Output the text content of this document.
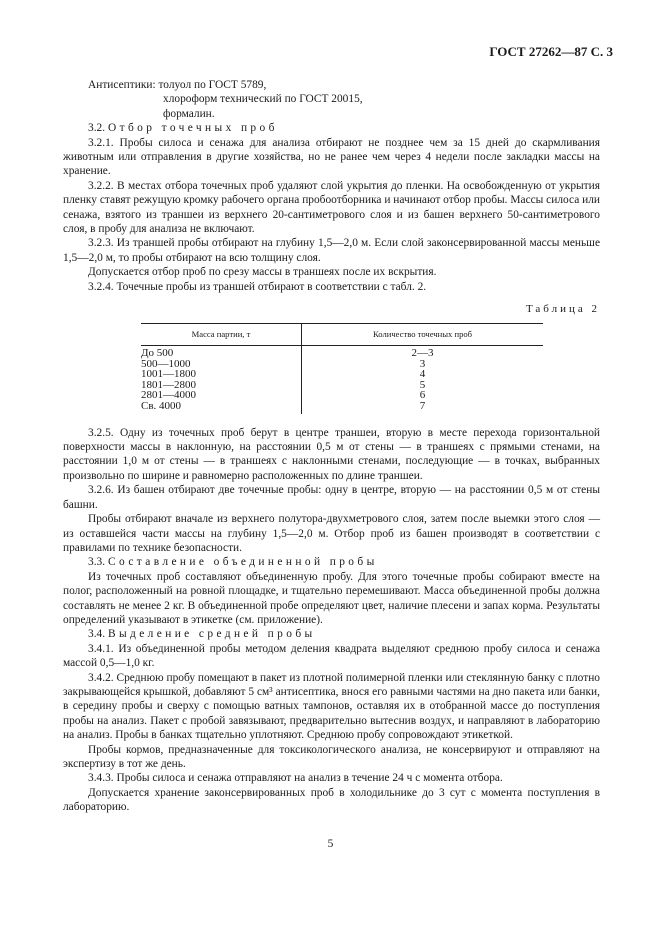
ГОСТ 27262—87 С. 3
Антисептики: толуол по ГОСТ 5789,
хлороформ технический по ГОСТ 20015,
формалин.
3.2. Отбор точечных проб

3.2.1. Пробы силоса и сенажа для анализа отбирают не позднее чем за 15 дней до скармливания животным или отправления в другие хозяйства, но не ранее чем через 4 недели после закладки массы на хранение.

3.2.2. В местах отбора точечных проб удаляют слой укрытия до пленки. На освобожденную от укрытия пленку ставят режущую кромку рабочего органа пробоотборника и начинают отбор пробы. Массы силоса или сенажа, взятого из траншеи из верхнего 20-сантиметрового слоя и из башен верхнего 50-сантиметрового слоя, в пробу для анализа не включают.

3.2.3. Из траншей пробы отбирают на глубину 1,5—2,0 м. Если слой законсервированной массы меньше 1,5—2,0 м, то пробы отбирают на всю толщину слоя.

Допускается отбор проб по срезу массы в траншеях после их вскрытия.

3.2.4. Точечные пробы из траншей отбирают в соответствии с табл. 2.

Таблица 2
Масса партии, т	Количество точечных проб
До 500	2—3
500—1000	3
1001—1800	4
1801—2800	5
2801—4000	6
Св. 4000	7

3.2.5. Одну из точечных проб берут в центре траншеи, вторую в месте перехода горизонтальной поверхности массы в наклонную, на расстоянии 0,5 м от стены — в траншеях с прямыми стенами, на расстоянии 1,0 м от стены — в траншеях с наклонными стенами, последующие — в точках, выбранных произвольно по ширине и равномерно расположенных по длине траншеи.

3.2.6. Из башен отбирают две точечные пробы: одну в центре, вторую — на расстоянии 0,5 м от стены башни.

Пробы отбирают вначале из верхнего полутора-двухметрового слоя, затем после выемки этого слоя — из оставшейся части массы на глубину 1,5—2,0 м. Отбор проб из башен производят в соответствии с правилами по технике безопасности.

3.3. Составление объединенной пробы

Из точечных проб составляют объединенную пробу. Для этого точечные пробы собирают вместе на полог, расположенный на ровной площадке, и тщательно перемешивают. Масса объединенной пробы должна составлять не менее 2 кг. В объединенной пробе определяют цвет, наличие плесени и запах корма. Результаты определений указывают в этикетке (см. приложение).

3.4. Выделение средней пробы

3.4.1. Из объединенной пробы методом деления квадрата выделяют среднюю пробу силоса и сенажа массой 0,5—1,0 кг.

3.4.2. Среднюю пробу помещают в пакет из плотной полимерной пленки или стеклянную банку с плотно закрывающейся крышкой, добавляют 5 см³ антисептика, внося его равными частями на дно пакета или банки, в середину пробы и сверху с помощью ватных тампонов, оставляя их в отобранной массе до поступления пробы на анализ. Пакет с пробой завязывают, предварительно вытеснив воздух, и направляют в лабораторию на анализ. Пробы в банках тщательно уплотняют. Среднюю пробу сопровождают этикеткой.

Пробы кормов, предназначенные для токсикологического анализа, не консервируют и отправляют на экспертизу в тот же день.

3.4.3. Пробы силоса и сенажа отправляют на анализ в течение 24 ч с момента отбора.

Допускается хранение законсервированных проб в холодильнике до 3 сут с момента поступления в лабораторию.

5
